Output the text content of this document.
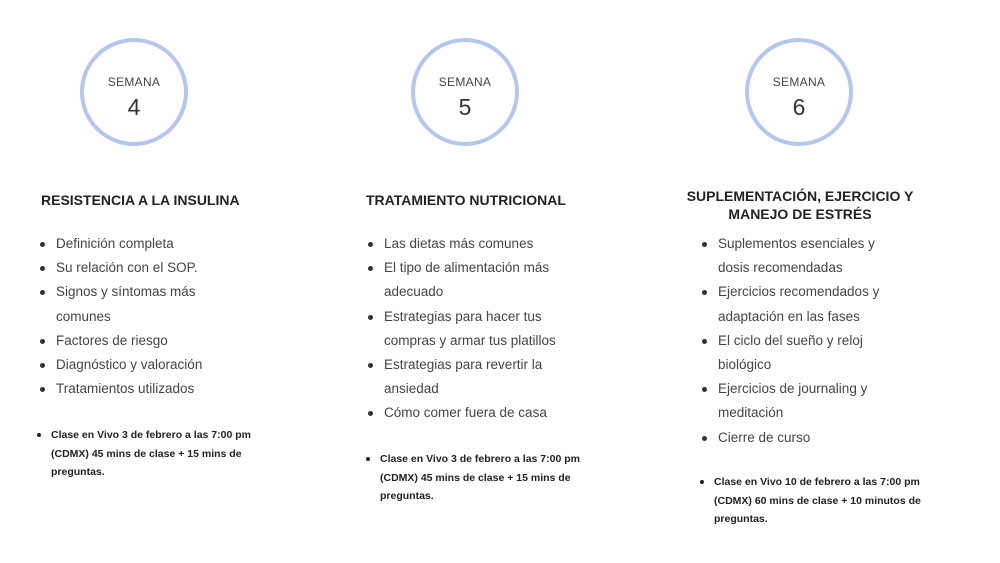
SEMANA
4
RESISTENCIA A LA INSULINA
Definición completa
Su relación con el SOP.
Signos y síntomas más comunes
Factores de riesgo
Diagnóstico y valoración
Tratamientos utilizados
Clase en Vivo 3 de febrero a las 7:00 pm (CDMX) 45 mins de clase + 15 mins de preguntas.
SEMANA
5
TRATAMIENTO NUTRICIONAL
Las dietas más comunes
El tipo de alimentación más adecuado
Estrategias para hacer tus compras y armar tus platillos
Estrategias para revertir la ansiedad
Cómo comer fuera de casa
Clase en Vivo 3 de febrero a las 7:00 pm (CDMX) 45 mins de clase + 15 mins de preguntas.
SEMANA
6
SUPLEMENTACIÓN, EJERCICIO Y
MANEJO DE ESTRÉS
Suplementos esenciales y dosis recomendadas
Ejercicios recomendados y adaptación en las fases
El ciclo del sueño y reloj biológico
Ejercicios de journaling y meditación
Cierre de curso
Clase en Vivo 10 de febrero a las 7:00 pm (CDMX) 60 mins de clase + 10 minutos de preguntas.
